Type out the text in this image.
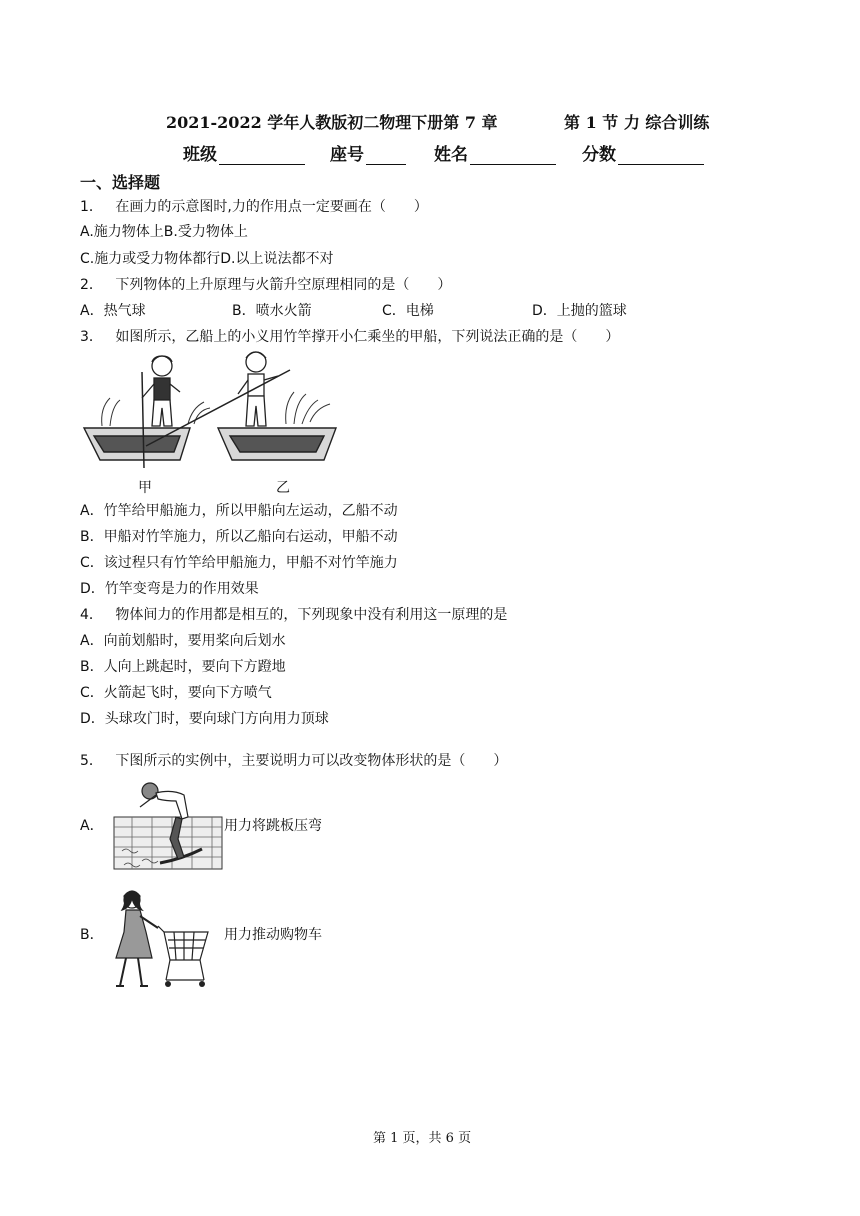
2021-2022 学年人教版初二物理下册第 7 章	第 1 节 力 综合训练
班级	座号	姓名	分数
一、选择题
1． 在画力的示意图时,力的作用点一定要画在（　　）
A.施力物体上B.受力物体上
C.施力或受力物体都行D.以上说法都不对
2． 下列物体的上升原理与火箭升空原理相同的是（　　）
A．热气球	B．喷水火箭	C．电梯	D．上抛的篮球
3． 如图所示，乙船上的小义用竹竿撑开小仁乘坐的甲船，下列说法正确的是（　　）
甲	乙
A．竹竿给甲船施力，所以甲船向左运动，乙船不动
B．甲船对竹竿施力，所以乙船向右运动，甲船不动
C．该过程只有竹竿给甲船施力，甲船不对竹竿施力
D．竹竿变弯是力的作用效果
4． 物体间力的作用都是相互的，下列现象中没有利用这一原理的是
A．向前划船时，要用桨向后划水
B．人向上跳起时，要向下方蹬地
C．火箭起飞时，要向下方喷气
D．头球攻门时，要向球门方向用力顶球
5． 下图所示的实例中，主要说明力可以改变物体形状的是（　　）
A．	用力将跳板压弯
B．	用力推动购物车
第 1 页，共 6 页
